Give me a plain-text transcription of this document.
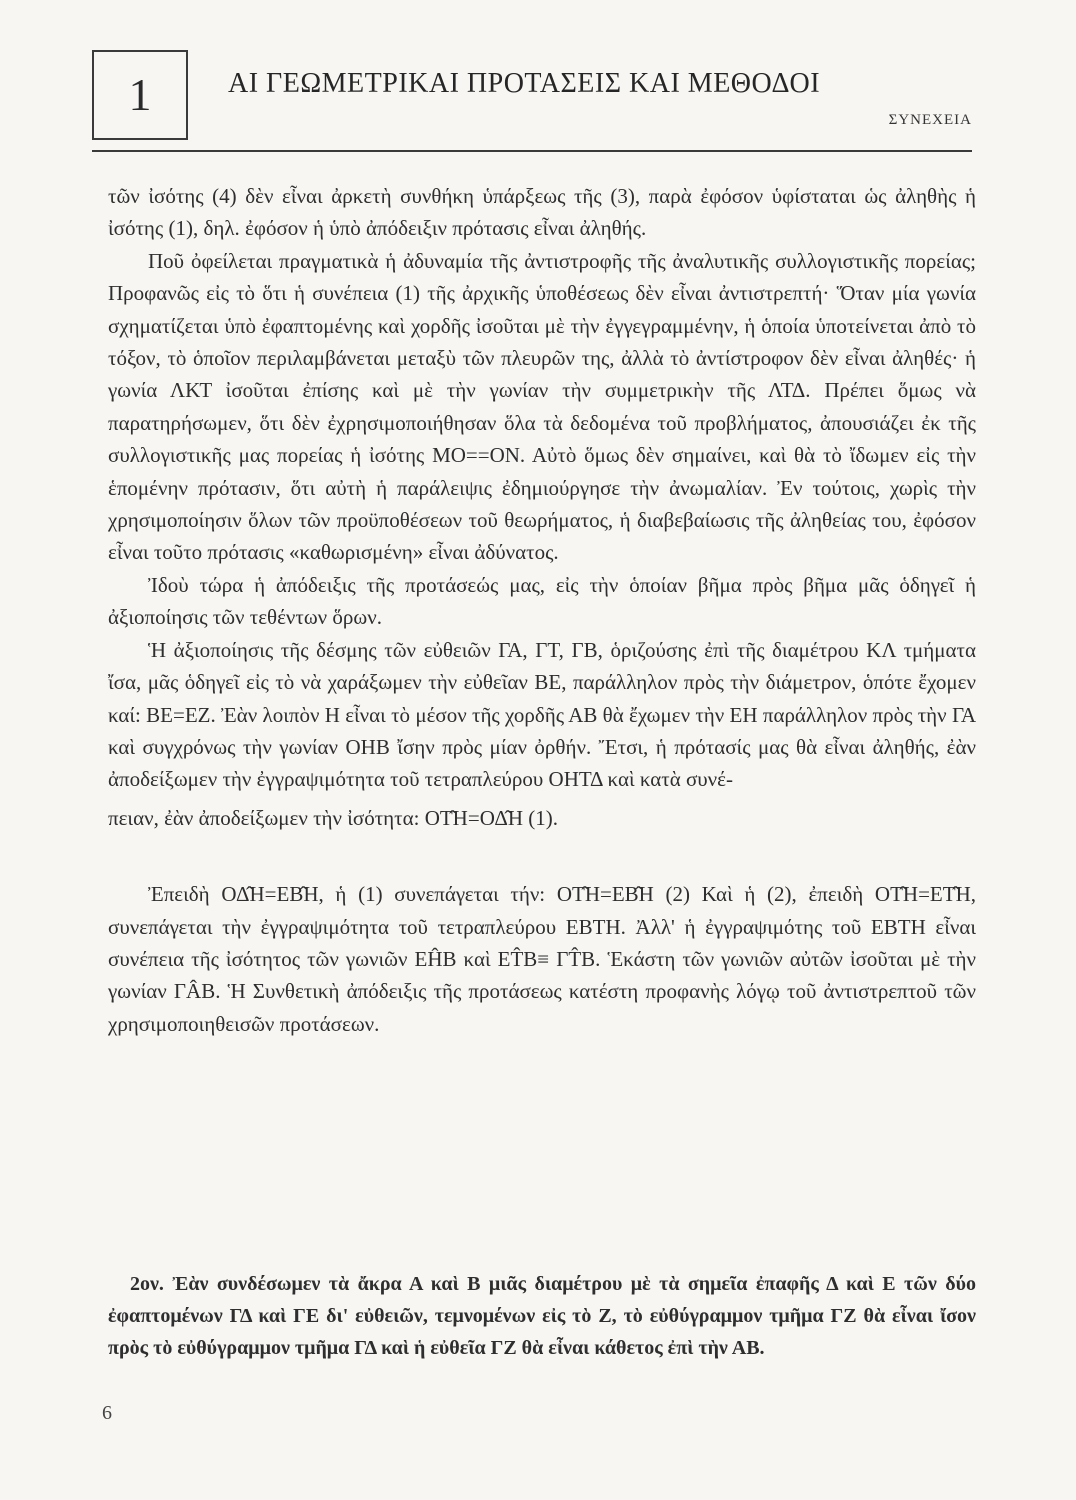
1	ΑΙ ΓΕΩΜΕΤΡΙΚΑΙ ΠΡΟΤΑΣΕΙΣ ΚΑΙ ΜΕΘΟΔΟΙ
ΣΥΝΕΧΕΙΑ

τῶν ἰσότης (4) δὲν εἶναι ἀρκετὴ συνθήκη ὑπάρξεως τῆς (3), παρὰ ἐφόσον ὑφίσταται ὡς ἀληθὴς ἡ ἰσότης (1), δηλ. ἐφόσον ἡ ὑπὸ ἀπόδειξιν πρότασις εἶναι ἀληθής.

Ποῦ ὀφείλεται πραγματικὰ ἡ ἀδυναμία τῆς ἀντιστροφῆς τῆς ἀναλυτικῆς συλλογιστικῆς πορείας; Προφανῶς εἰς τὸ ὅτι ἡ συνέπεια (1) τῆς ἀρχικῆς ὑποθέσεως δὲν εἶναι ἀντιστρεπτή· Ὅταν μία γωνία σχηματίζεται ὑπὸ ἐφαπτομένης καὶ χορδῆς ἰσοῦται μὲ τὴν ἐγγεγραμμένην, ἡ ὁποία ὑποτείνεται ἀπὸ τὸ τόξον, τὸ ὁποῖον περιλαμβάνεται μεταξὺ τῶν πλευρῶν της, ἀλλὰ τὸ ἀντίστροφον δὲν εἶναι ἀληθές· ἡ γωνία ΛΚΤ ἰσοῦται ἐπίσης καὶ μὲ τὴν γωνίαν τὴν συμμετρικὴν τῆς ΛΤΔ. Πρέπει ὅμως νὰ παρατηρήσωμεν, ὅτι δὲν ἐχρησιμοποιήθησαν ὅλα τὰ δεδομένα τοῦ προβλήματος, ἀπουσιάζει ἐκ τῆς συλλογιστικῆς μας πορείας ἡ ἰσότης ΜΟ==ΟΝ. Αὐτὸ ὅμως δὲν σημαίνει, καὶ θὰ τὸ ἴδωμεν εἰς τὴν ἑπομένην πρότασιν, ὅτι αὐτὴ ἡ παράλειψις ἐδημιούργησε τὴν ἀνωμαλίαν. Ἐν τούτοις, χωρὶς τὴν χρησιμοποίησιν ὅλων τῶν προϋποθέσεων τοῦ θεωρήματος, ἡ διαβεβαίωσις τῆς ἀληθείας του, ἐφόσον εἶναι τοῦτο πρότασις «καθωρισμένη» εἶναι ἀδύνατος.

Ἰδοὺ τώρα ἡ ἀπόδειξις τῆς προτάσεώς μας, εἰς τὴν ὁποίαν βῆμα πρὸς βῆμα μᾶς ὁδηγεῖ ἡ ἀξιοποίησις τῶν τεθέντων ὅρων.

Ἡ ἀξιοποίησις τῆς δέσμης τῶν εὐθειῶν ΓΑ, ΓΤ, ΓΒ, ὁριζούσης ἐπὶ τῆς διαμέτρου ΚΛ τμήματα ἴσα, μᾶς ὁδηγεῖ εἰς τὸ νὰ χαράξωμεν τὴν εὐθεῖαν ΒΕ, παράλληλον πρὸς τὴν διάμετρον, ὁπότε ἔχομεν καί: ΒΕ=ΕΖ. Ἐὰν λοιπὸν Η εἶναι τὸ μέσον τῆς χορδῆς ΑΒ θὰ ἔχωμεν τὴν ΕΗ παράλληλον πρὸς τὴν ΓΑ καὶ συγχρόνως τὴν γωνίαν ΟΗΒ ἴσην πρὸς μίαν ὀρθήν. Ἔτσι, ἡ πρότασίς μας θὰ εἶναι ἀληθής, ἐὰν ἀποδείξωμεν τὴν ἐγγραψιμότητα τοῦ τετραπλεύρου ΟΗΤΔ καὶ κατὰ συνέ-

πειαν, ἐὰν ἀποδείξωμεν τὴν ἰσότητα: ΟΤ̂Η=ΟΔ̂Η (1).

Ἐπειδὴ ΟΔ̂Η=ΕΒ̂Η, ἡ (1) συνεπάγεται τήν: ΟΤ̂Η=ΕΒ̂Η (2) Καὶ ἡ (2), ἐπειδὴ ΟΤ̂Η=ΕΤ̂Η, συνεπάγεται τὴν ἐγγραψιμότητα τοῦ τετραπλεύρου ΕΒΤΗ. Ἀλλ' ἡ ἐγγραψιμότης τοῦ ΕΒΤΗ εἶναι συνέπεια τῆς ἰσότητος τῶν γωνιῶν ΕĤΒ καὶ ΕT̂Β≡ ΓT̂Β. Ἑκάστη τῶν γωνιῶν αὐτῶν ἰσοῦται μὲ τὴν γωνίαν ΓÂΒ. Ἡ Συνθετικὴ ἀπόδειξις τῆς προτάσεως κατέστη προφανὴς λόγῳ τοῦ ἀντιστρεπτοῦ τῶν χρησιμοποιηθεισῶν προτάσεων.

2ον. Ἐὰν συνδέσωμεν τὰ ἄκρα Α καὶ Β μιᾶς διαμέτρου μὲ τὰ σημεῖα ἐπαφῆς Δ καὶ Ε τῶν δύο ἐφαπτομένων ΓΔ καὶ ΓΕ δι' εὐθειῶν, τεμνομένων εἰς τὸ Ζ, τὸ εὐθύγραμμον τμῆμα ΓΖ θὰ εἶναι ἴσον πρὸς τὸ εὐθύγραμμον τμῆμα ΓΔ καὶ ἡ εὐθεῖα ΓΖ θὰ εἶναι κάθετος ἐπὶ τὴν ΑΒ.
6
